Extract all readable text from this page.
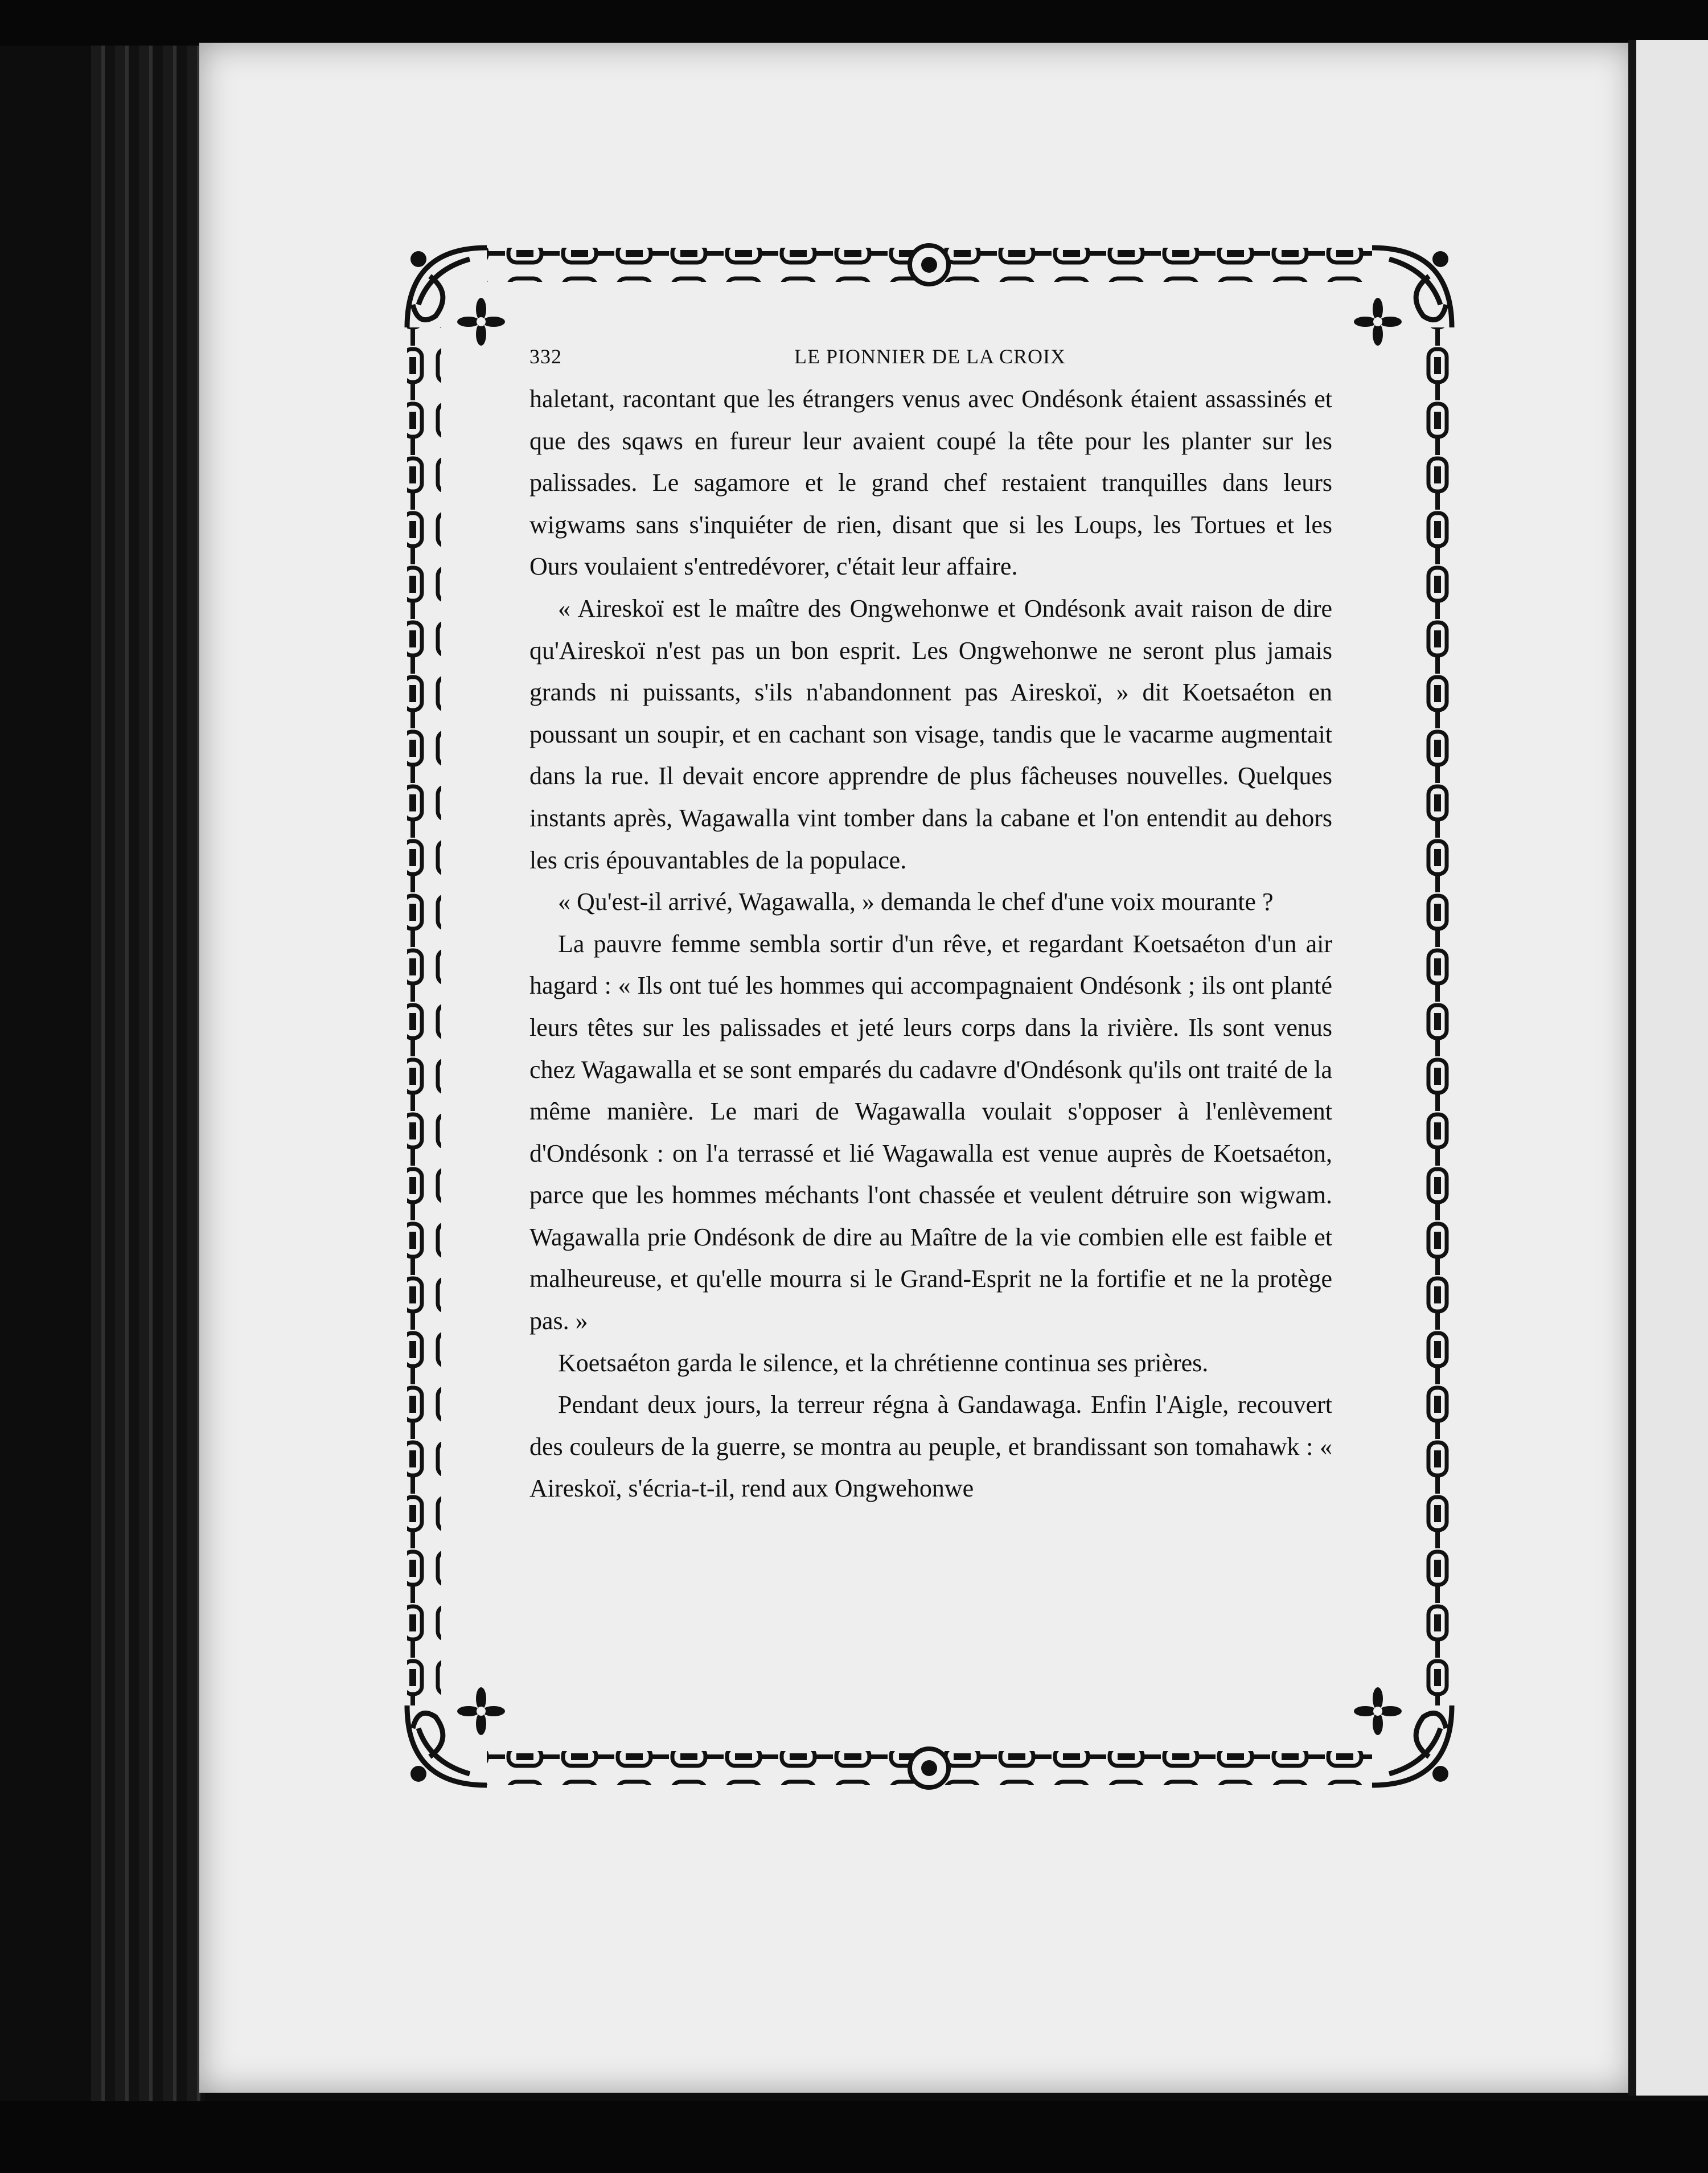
332	LE PIONNIER DE LA CROIX

haletant, racontant que les étrangers venus avec Ondésonk étaient assassinés et que des sqaws en fureur leur avaient coupé la tête pour les planter sur les palissades. Le sagamore et le grand chef restaient tranquilles dans leurs wigwams sans s'inquiéter de rien, disant que si les Loups, les Tortues et les Ours voulaient s'entredévorer, c'était leur affaire.

« Aireskoï est le maître des Ongwehonwe et Ondésonk avait raison de dire qu'Aireskoï n'est pas un bon esprit. Les Ongwehonwe ne seront plus jamais grands ni puissants, s'ils n'abandonnent pas Aireskoï, » dit Koetsaéton en poussant un soupir, et en cachant son visage, tandis que le vacarme augmentait dans la rue. Il devait encore apprendre de plus fâcheuses nouvelles. Quelques instants après, Wagawalla vint tomber dans la cabane et l'on entendit au dehors les cris épouvantables de la populace.

« Qu'est-il arrivé, Wagawalla, » demanda le chef d'une voix mourante ?

La pauvre femme sembla sortir d'un rêve, et regardant Koetsaéton d'un air hagard : « Ils ont tué les hommes qui accompagnaient Ondésonk ; ils ont planté leurs têtes sur les palissades et jeté leurs corps dans la rivière. Ils sont venus chez Wagawalla et se sont emparés du cadavre d'Ondésonk qu'ils ont traité de la même manière. Le mari de Wagawalla voulait s'opposer à l'enlèvement d'Ondésonk : on l'a terrassé et lié Wagawalla est venue auprès de Koetsaéton, parce que les hommes méchants l'ont chassée et veulent détruire son wigwam. Wagawalla prie Ondésonk de dire au Maître de la vie combien elle est faible et malheureuse, et qu'elle mourra si le Grand-Esprit ne la fortifie et ne la protège pas. »

Koetsaéton garda le silence, et la chrétienne continua ses prières.

Pendant deux jours, la terreur régna à Gandawaga. Enfin l'Aigle, recouvert des couleurs de la guerre, se montra au peuple, et brandissant son tomahawk : « Aireskoï, s'écria-t-il, rend aux Ongwehonwe
